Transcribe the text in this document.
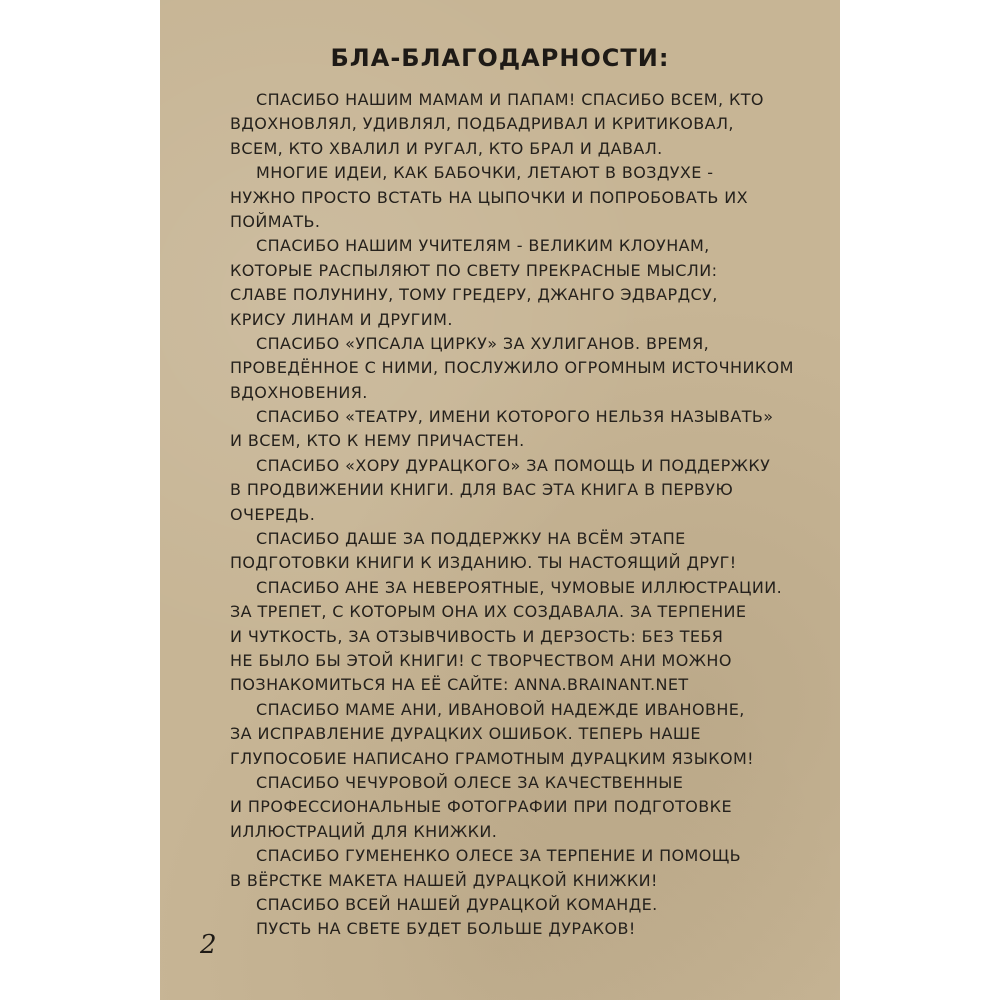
БЛА-БЛАГОДАРНОСТИ:
СПАСИБО НАШИМ МАМАМ И ПАПАМ! СПАСИБО ВСЕМ, КТО
ВДОХНОВЛЯЛ, УДИВЛЯЛ, ПОДБАДРИВАЛ И КРИТИКОВАЛ,
ВСЕМ, КТО ХВАЛИЛ И РУГАЛ, КТО БРАЛ И ДАВАЛ.
МНОГИЕ ИДЕИ, КАК БАБОЧКИ, ЛЕТАЮТ В ВОЗДУХЕ -
НУЖНО ПРОСТО ВСТАТЬ НА ЦЫПОЧКИ И ПОПРОБОВАТЬ ИХ
ПОЙМАТЬ.
СПАСИБО НАШИМ УЧИТЕЛЯМ - ВЕЛИКИМ КЛОУНАМ,
КОТОРЫЕ РАСПЫЛЯЮТ ПО СВЕТУ ПРЕКРАСНЫЕ МЫСЛИ:
СЛАВЕ ПОЛУНИНУ, ТОМУ ГРЕДЕРУ, ДЖАНГО ЭДВАРДСУ,
КРИСУ ЛИНАМ И ДРУГИМ.
СПАСИБО «УПСАЛА ЦИРКУ» ЗА ХУЛИГАНОВ. ВРЕМЯ,
ПРОВЕДЁННОЕ С НИМИ, ПОСЛУЖИЛО ОГРОМНЫМ ИСТОЧНИКОМ
ВДОХНОВЕНИЯ.
СПАСИБО «ТЕАТРУ, ИМЕНИ КОТОРОГО НЕЛЬЗЯ НАЗЫВАТЬ»
И ВСЕМ, КТО К НЕМУ ПРИЧАСТЕН.
СПАСИБО «ХОРУ ДУРАЦКОГО» ЗА ПОМОЩЬ И ПОДДЕРЖКУ
В ПРОДВИЖЕНИИ КНИГИ. ДЛЯ ВАС ЭТА КНИГА В ПЕРВУЮ
ОЧЕРЕДЬ.
СПАСИБО ДАШЕ ЗА ПОДДЕРЖКУ НА ВСЁМ ЭТАПЕ
ПОДГОТОВКИ КНИГИ К ИЗДАНИЮ. ТЫ НАСТОЯЩИЙ ДРУГ!
СПАСИБО АНЕ ЗА НЕВЕРОЯТНЫЕ, ЧУМОВЫЕ ИЛЛЮСТРАЦИИ.
ЗА ТРЕПЕТ, С КОТОРЫМ ОНА ИХ СОЗДАВАЛА. ЗА ТЕРПЕНИЕ
И ЧУТКОСТЬ, ЗА ОТЗЫВЧИВОСТЬ И ДЕРЗОСТЬ: БЕЗ ТЕБЯ
НЕ БЫЛО БЫ ЭТОЙ КНИГИ! С ТВОРЧЕСТВОМ АНИ МОЖНО
ПОЗНАКОМИТЬСЯ НА ЕЁ САЙТЕ: ANNA.BRAINANT.NET
СПАСИБО МАМЕ АНИ, ИВАНОВОЙ НАДЕЖДЕ ИВАНОВНЕ,
ЗА ИСПРАВЛЕНИЕ ДУРАЦКИХ ОШИБОК. ТЕПЕРЬ НАШЕ
ГЛУПОСОБИЕ НАПИСАНО ГРАМОТНЫМ ДУРАЦКИМ ЯЗЫКОМ!
СПАСИБО ЧЕЧУРОВОЙ ОЛЕСЕ ЗА КАЧЕСТВЕННЫЕ
И ПРОФЕССИОНАЛЬНЫЕ ФОТОГРАФИИ ПРИ ПОДГОТОВКЕ
ИЛЛЮСТРАЦИЙ ДЛЯ КНИЖКИ.
СПАСИБО ГУМЕНЕНКО ОЛЕСЕ ЗА ТЕРПЕНИЕ И ПОМОЩЬ
В ВЁРСТКЕ МАКЕТА НАШЕЙ ДУРАЦКОЙ КНИЖКИ!
СПАСИБО ВСЕЙ НАШЕЙ ДУРАЦКОЙ КОМАНДЕ.
ПУСТЬ НА СВЕТЕ БУДЕТ БОЛЬШЕ ДУРАКОВ!
2
